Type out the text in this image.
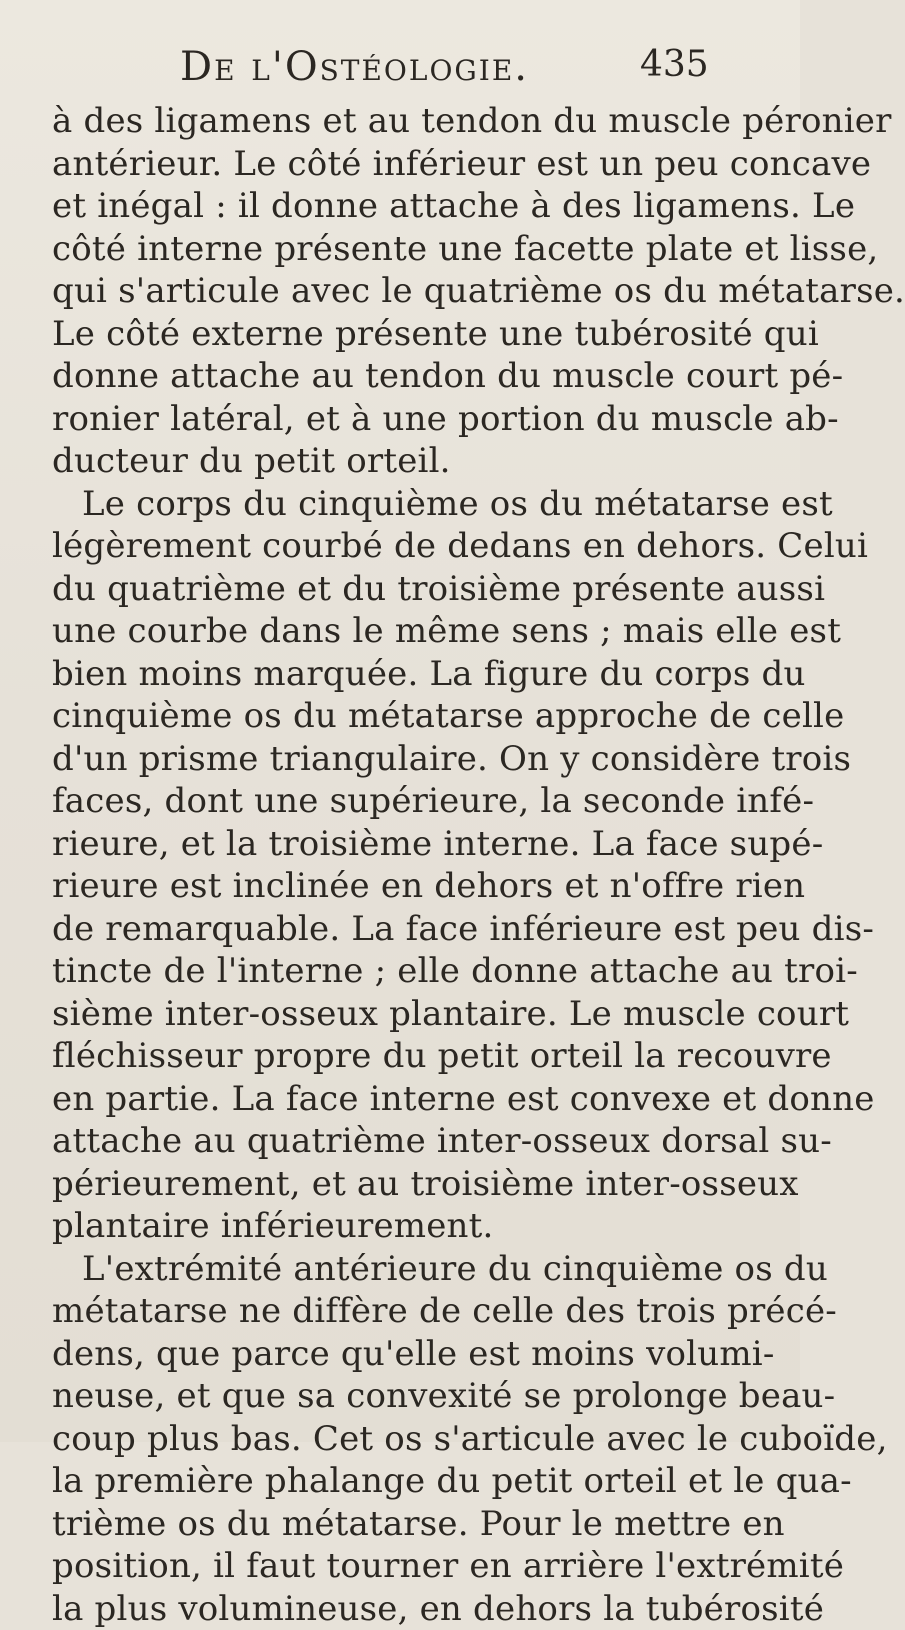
De l'Ostéologie.	435
à des ligamens et au tendon du muscle péronier
antérieur. Le côté inférieur est un peu concave
et inégal : il donne attache à des ligamens. Le
côté interne présente une facette plate et lisse,
qui s'articule avec le quatrième os du métatarse.
Le côté externe présente une tubérosité qui
donne attache au tendon du muscle court pé-
ronier latéral, et à une portion du muscle ab-
ducteur du petit orteil.
Le corps du cinquième os du métatarse est
légèrement courbé de dedans en dehors. Celui
du quatrième et du troisième présente aussi
une courbe dans le même sens ; mais elle est
bien moins marquée. La figure du corps du
cinquième os du métatarse approche de celle
d'un prisme triangulaire. On y considère trois
faces, dont une supérieure, la seconde infé-
rieure, et la troisième interne. La face supé-
rieure est inclinée en dehors et n'offre rien
de remarquable. La face inférieure est peu dis-
tincte de l'interne ; elle donne attache au troi-
sième inter-osseux plantaire. Le muscle court
fléchisseur propre du petit orteil la recouvre
en partie. La face interne est convexe et donne
attache au quatrième inter-osseux dorsal su-
périeurement, et au troisième inter-osseux
plantaire inférieurement.
L'extrémité antérieure du cinquième os du
métatarse ne diffère de celle des trois précé-
dens, que parce qu'elle est moins volumi-
neuse, et que sa convexité se prolonge beau-
coup plus bas. Cet os s'articule avec le cuboïde,
la première phalange du petit orteil et le qua-
trième os du métatarse. Pour le mettre en
position, il faut tourner en arrière l'extrémité
la plus volumineuse, en dehors la tubérosité
